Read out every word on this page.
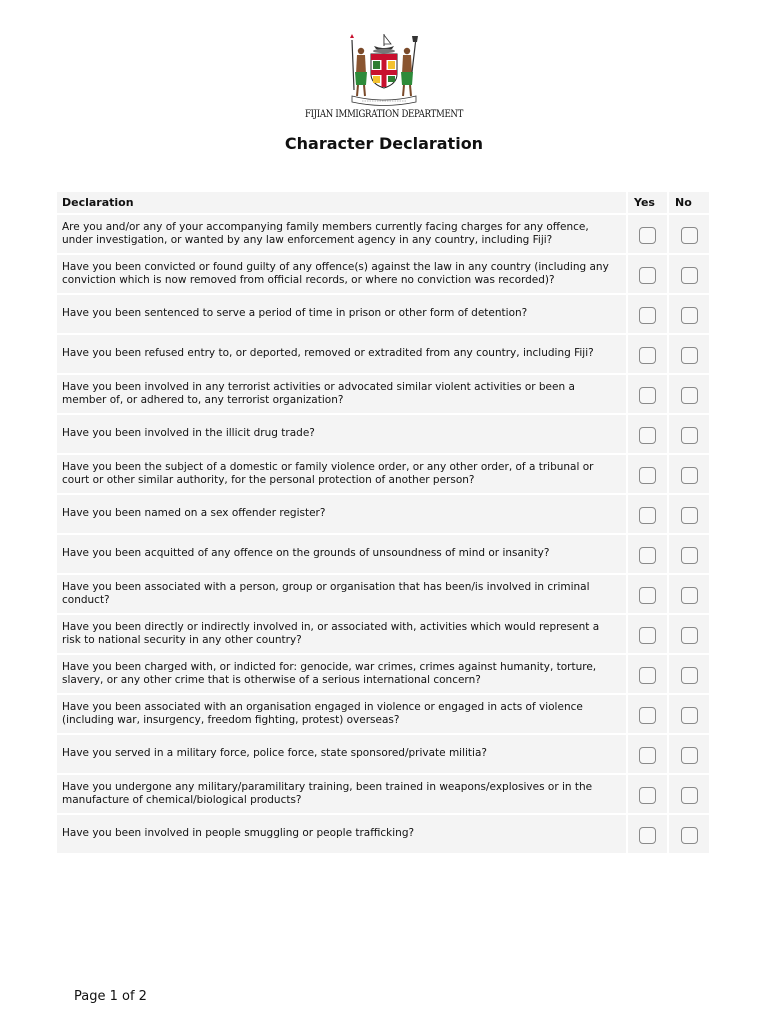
FIJIAN IMMIGRATION DEPARTMENT
Character Declaration
Declaration	Yes	No
Are you and/or any of your accompanying family members currently facing charges for any offence, under investigation, or wanted by any law enforcement agency in any country, including Fiji?		
Have you been convicted or found guilty of any offence(s) against the law in any country (including any conviction which is now removed from official records, or where no conviction was recorded)?		
Have you been sentenced to serve a period of time in prison or other form of detention?		
Have you been refused entry to, or deported, removed or extradited from any country, including Fiji?		
Have you been involved in any terrorist activities or advocated similar violent activities or been a member of, or adhered to, any terrorist organization?		
Have you been involved in the illicit drug trade?		
Have you been the subject of a domestic or family violence order, or any other order, of a tribunal or court or other similar authority, for the personal protection of another person?		
Have you been named on a sex offender register?		
Have you been acquitted of any offence on the grounds of unsoundness of mind or insanity?		
Have you been associated with a person, group or organisation that has been/is involved in criminal conduct?		
Have you been directly or indirectly involved in, or associated with, activities which would represent a risk to national security in any other country?		
Have you been charged with, or indicted for: genocide, war crimes, crimes against humanity, torture, slavery, or any other crime that is otherwise of a serious international concern?		
Have you been associated with an organisation engaged in violence or engaged in acts of violence (including war, insurgency, freedom fighting, protest) overseas?		
Have you served in a military force, police force, state sponsored/private militia?		
Have you undergone any military/paramilitary training, been trained in weapons/explosives or in the manufacture of chemical/biological products?		
Have you been involved in people smuggling or people trafficking?		
Page 1 of 2
